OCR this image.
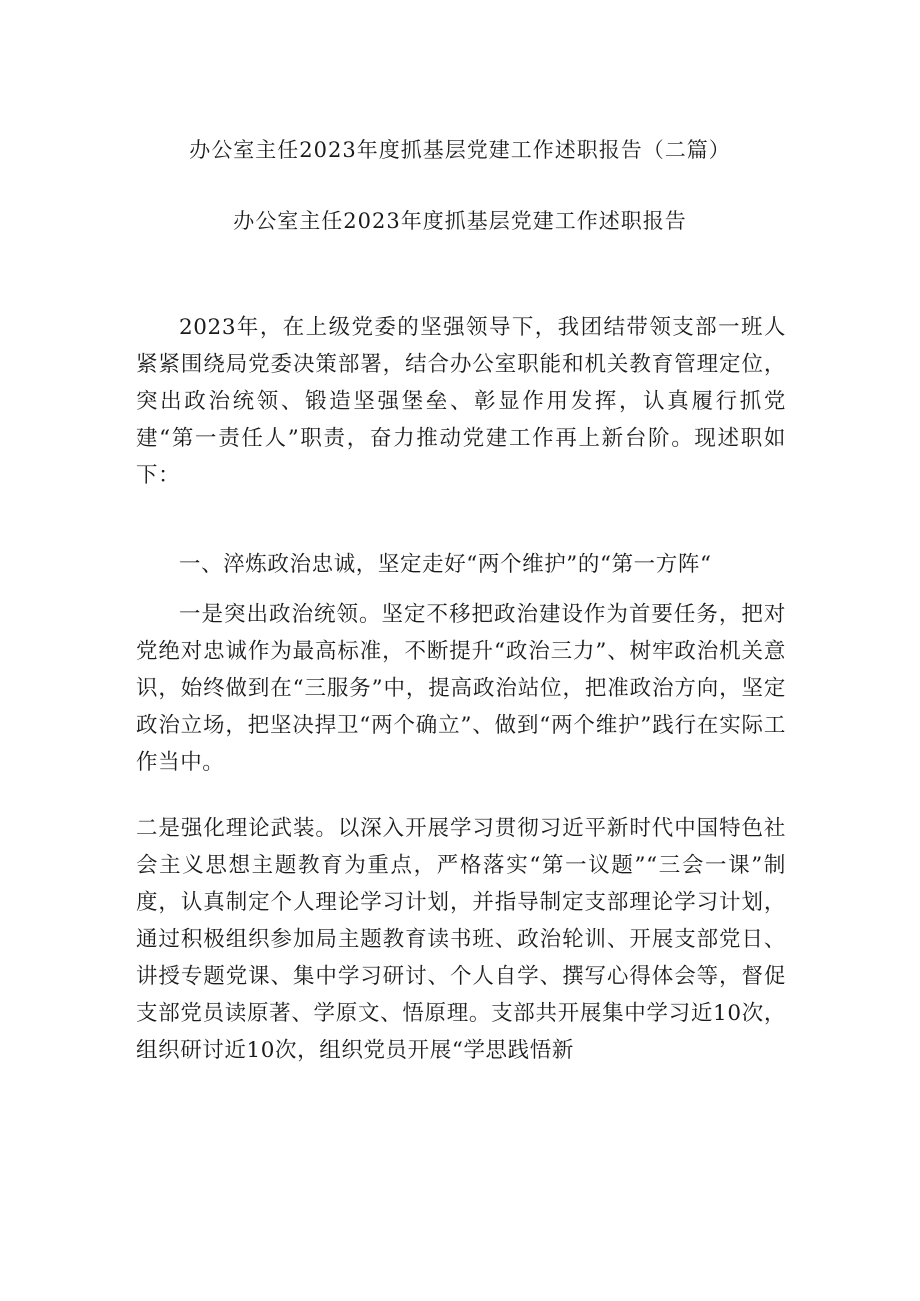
办公室主任2023年度抓基层党建工作述职报告（二篇）
办公室主任2023年度抓基层党建工作述职报告

2023年，在上级党委的坚强领导下，我团结带领支部一班人紧紧围绕局党委决策部署，结合办公室职能和机关教育管理定位，突出政治统领、锻造坚强堡垒、彰显作用发挥，认真履行抓党建“第一责任人”职责，奋力推动党建工作再上新台阶。现述职如下：

一、淬炼政治忠诚，坚定走好“两个维护”的“第一方阵“

一是突出政治统领。坚定不移把政治建设作为首要任务，把对党绝对忠诚作为最高标准，不断提升“政治三力”、树牢政治机关意识，始终做到在“三服务”中，提高政治站位，把准政治方向，坚定政治立场，把坚决捍卫“两个确立”、做到“两个维护”践行在实际工作当中。

二是强化理论武装。以深入开展学习贯彻习近平新时代中国特色社会主义思想主题教育为重点，严格落实“第一议题”“三会一课”制度，认真制定个人理论学习计划，并指导制定支部理论学习计划，通过积极组织参加局主题教育读书班、政治轮训、开展支部党日、讲授专题党课、集中学习研讨、个人自学、撰写心得体会等，督促支部党员读原著、学原文、悟原理。支部共开展集中学习近10次，组织研讨近10次，组织党员开展“学思践悟新
